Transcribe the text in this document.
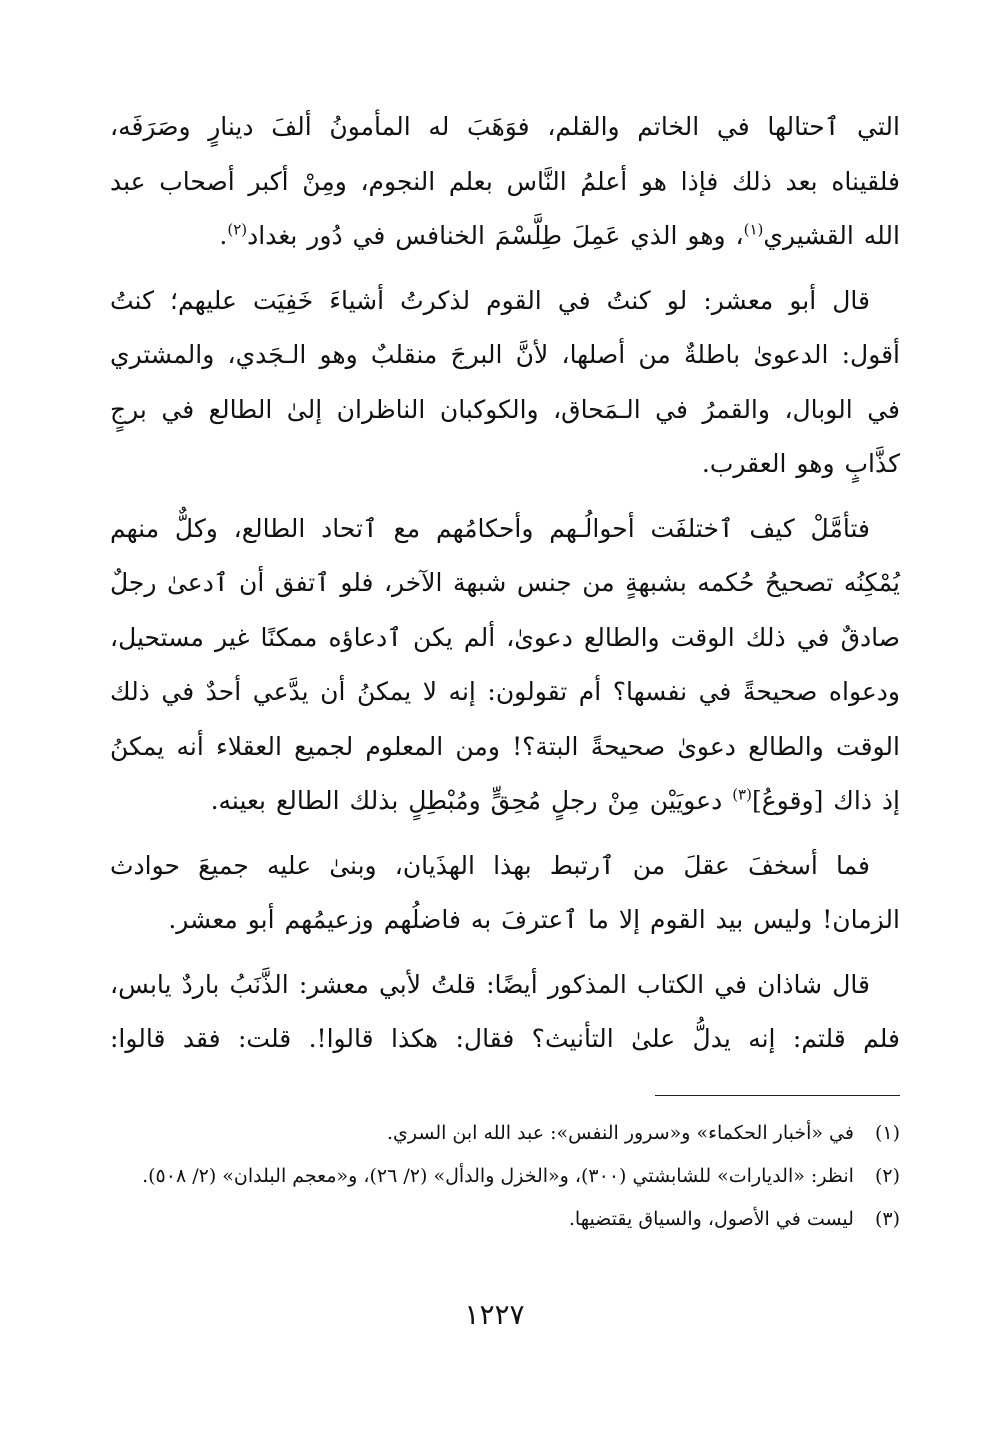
التي ٱحتالها في الخاتم والقلم، فوَهَبَ له المأمونُ ألفَ دينارٍ وصَرَفَه، فلقيناه بعد ذلك فإذا هو أعلمُ النَّاس بعلم النجوم، ومِنْ أكبر أصحاب عبد الله القشيري$^{(١)}$، وهو الذي عَمِلَ طِلَّسْمَ الخنافس في دُور بغداد$^{(٢)}$.

قال أبو معشر: لو كنتُ في القوم لذكرتُ أشياءَ خَفِيَت عليهم؛ كنتُ أقول: الدعوىٰ باطلةٌ من أصلها، لأنَّ البرجَ منقلبٌ وهو الـجَدي، والمشتري في الوبال، والقمرُ في الـمَحاق، والكوكبان الناظران إلىٰ الطالع في برجٍ كذَّابٍ وهو العقرب.

فتأمَّلْ كيف ٱختلفَت أحوالُـهم وأحكامُهم مع ٱتحاد الطالع، وكلٌّ منهم يُمْكِنُه تصحيحُ حُكمه بشبهةٍ من جنس شبهة الآخر، فلو ٱتفق أن ٱدعىٰ رجلٌ صادقٌ في ذلك الوقت والطالع دعوىٰ، ألم يكن ٱدعاؤه ممكنًا غير مستحيل، ودعواه صحيحةً في نفسها؟ أم تقولون: إنه لا يمكنُ أن يدَّعي أحدٌ في ذلك الوقت والطالع دعوىٰ صحيحةً البتة؟! ومن المعلوم لجميع العقلاء أنه يمكنُ إذ ذاك [وقوعُ]$^{(٣)}$ دعويَيْن مِنْ رجلٍ مُحِقٍّ ومُبْطِلٍ بذلك الطالع بعينه.

فما أسخفَ عقلَ من ٱرتبط بهذا الهذَيان، وبنىٰ عليه جميعَ حوادث الزمان! وليس بيد القوم إلا ما ٱعترفَ به فاضلُهم وزعيمُهم أبو معشر.

قال شاذان في الكتاب المذكور أيضًا: قلتُ لأبي معشر: الذَّنَبُ باردٌ يابس، فلم قلتم: إنه يدلُّ علىٰ التأنيث؟ فقال: هكذا قالوا!. قلت: فقد قالوا:

(١) في «أخبار الحكماء» و«سرور النفس»: عبد الله ابن السري.

(٢) انظر: «الديارات» للشابشتي (٣٠٠)، و«الخزل والدأل» (٢/ ٢٦)، و«معجم البلدان» (٢/ ٥٠٨).

(٣) ليست في الأصول، والسياق يقتضيها.

١٢٢٧
